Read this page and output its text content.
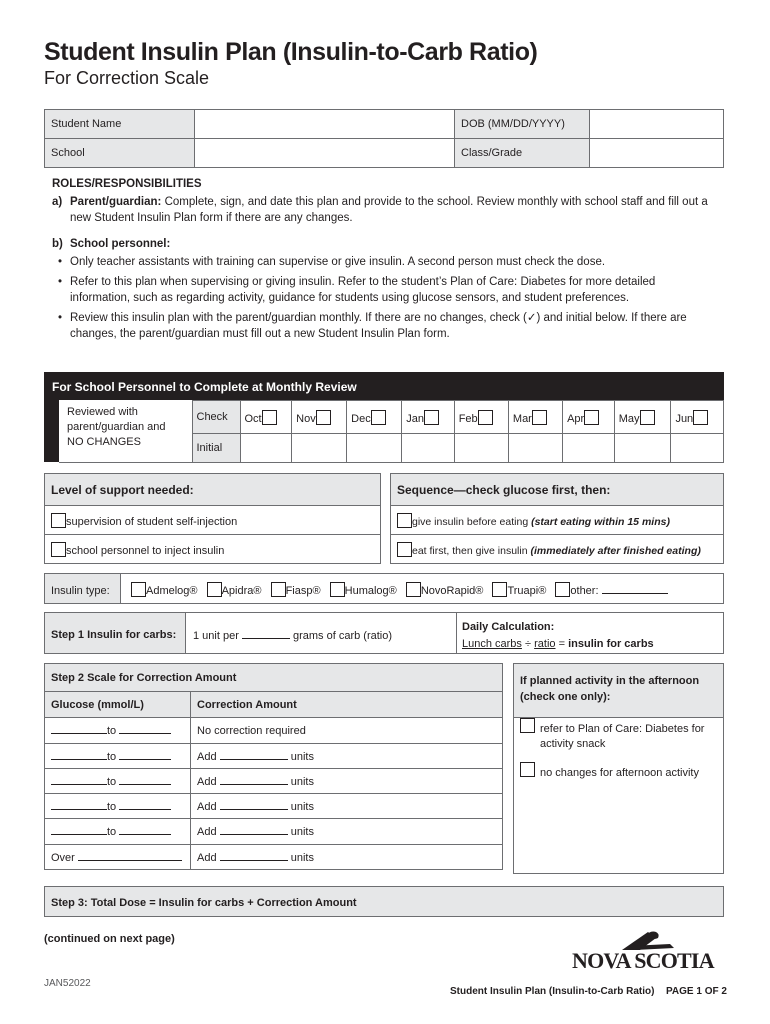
Student Insulin Plan (Insulin-to-Carb Ratio)
For Correction Scale
Student Name		DOB (MM/DD/YYYY)	
School		Class/Grade	

ROLES/RESPONSIBILITIES

a) Parent/guardian: Complete, sign, and date this plan and provide to the school. Review monthly with school staff and fill out a new Student Insulin Plan form if there are any changes.

b) School personnel:

• Only teacher assistants with training can supervise or give insulin. A second person must check the dose.

• Refer to this plan when supervising or giving insulin. Refer to the student’s Plan of Care: Diabetes for more detailed information, such as regarding activity, guidance for students using glucose sensors, and student preferences.

• Review this insulin plan with the parent/guardian monthly. If there are no changes, check (✓) and initial below. If there are changes, the parent/guardian must fill out a new Student Insulin Plan form.

For School Personnel to Complete at Monthly Review
Reviewed with parent/guardian and NO CHANGES	Check	Oct	Nov	Dec	Jan	Feb	Mar	Apr	May	Jun
	Initial									
Level of support needed:
supervision of student self-injection
school personnel to inject insulin
Sequence—check glucose first, then:
give insulin before eating (start eating within 15 mins)
eat first, then give insulin (immediately after finished eating)
Insulin type:	Admelog® Apidra® Fiasp® Humalog® NovoRapid® Truapi® other:
Step 1 Insulin for carbs:	1 unit per	grams of carb (ratio)
Daily Calculation:
Lunch carbs ÷ ratio = insulin for carbs
Step 2 Scale for Correction Amount	
Glucose (mmol/L)	Correction Amount
to	No correction required
to	Add units
to	Add units
to	Add units
to	Add units
Over	Add units
If planned activity in the afternoon (check one only):
refer to Plan of Care: Diabetes for activity snack
no changes for afternoon activity
Step 3: Total Dose = Insulin for carbs + Correction Amount
(continued on next page)
JAN52022
Student Insulin Plan (Insulin-to-Carb Ratio) PAGE 1 OF 2
NOVA SCOTIA
